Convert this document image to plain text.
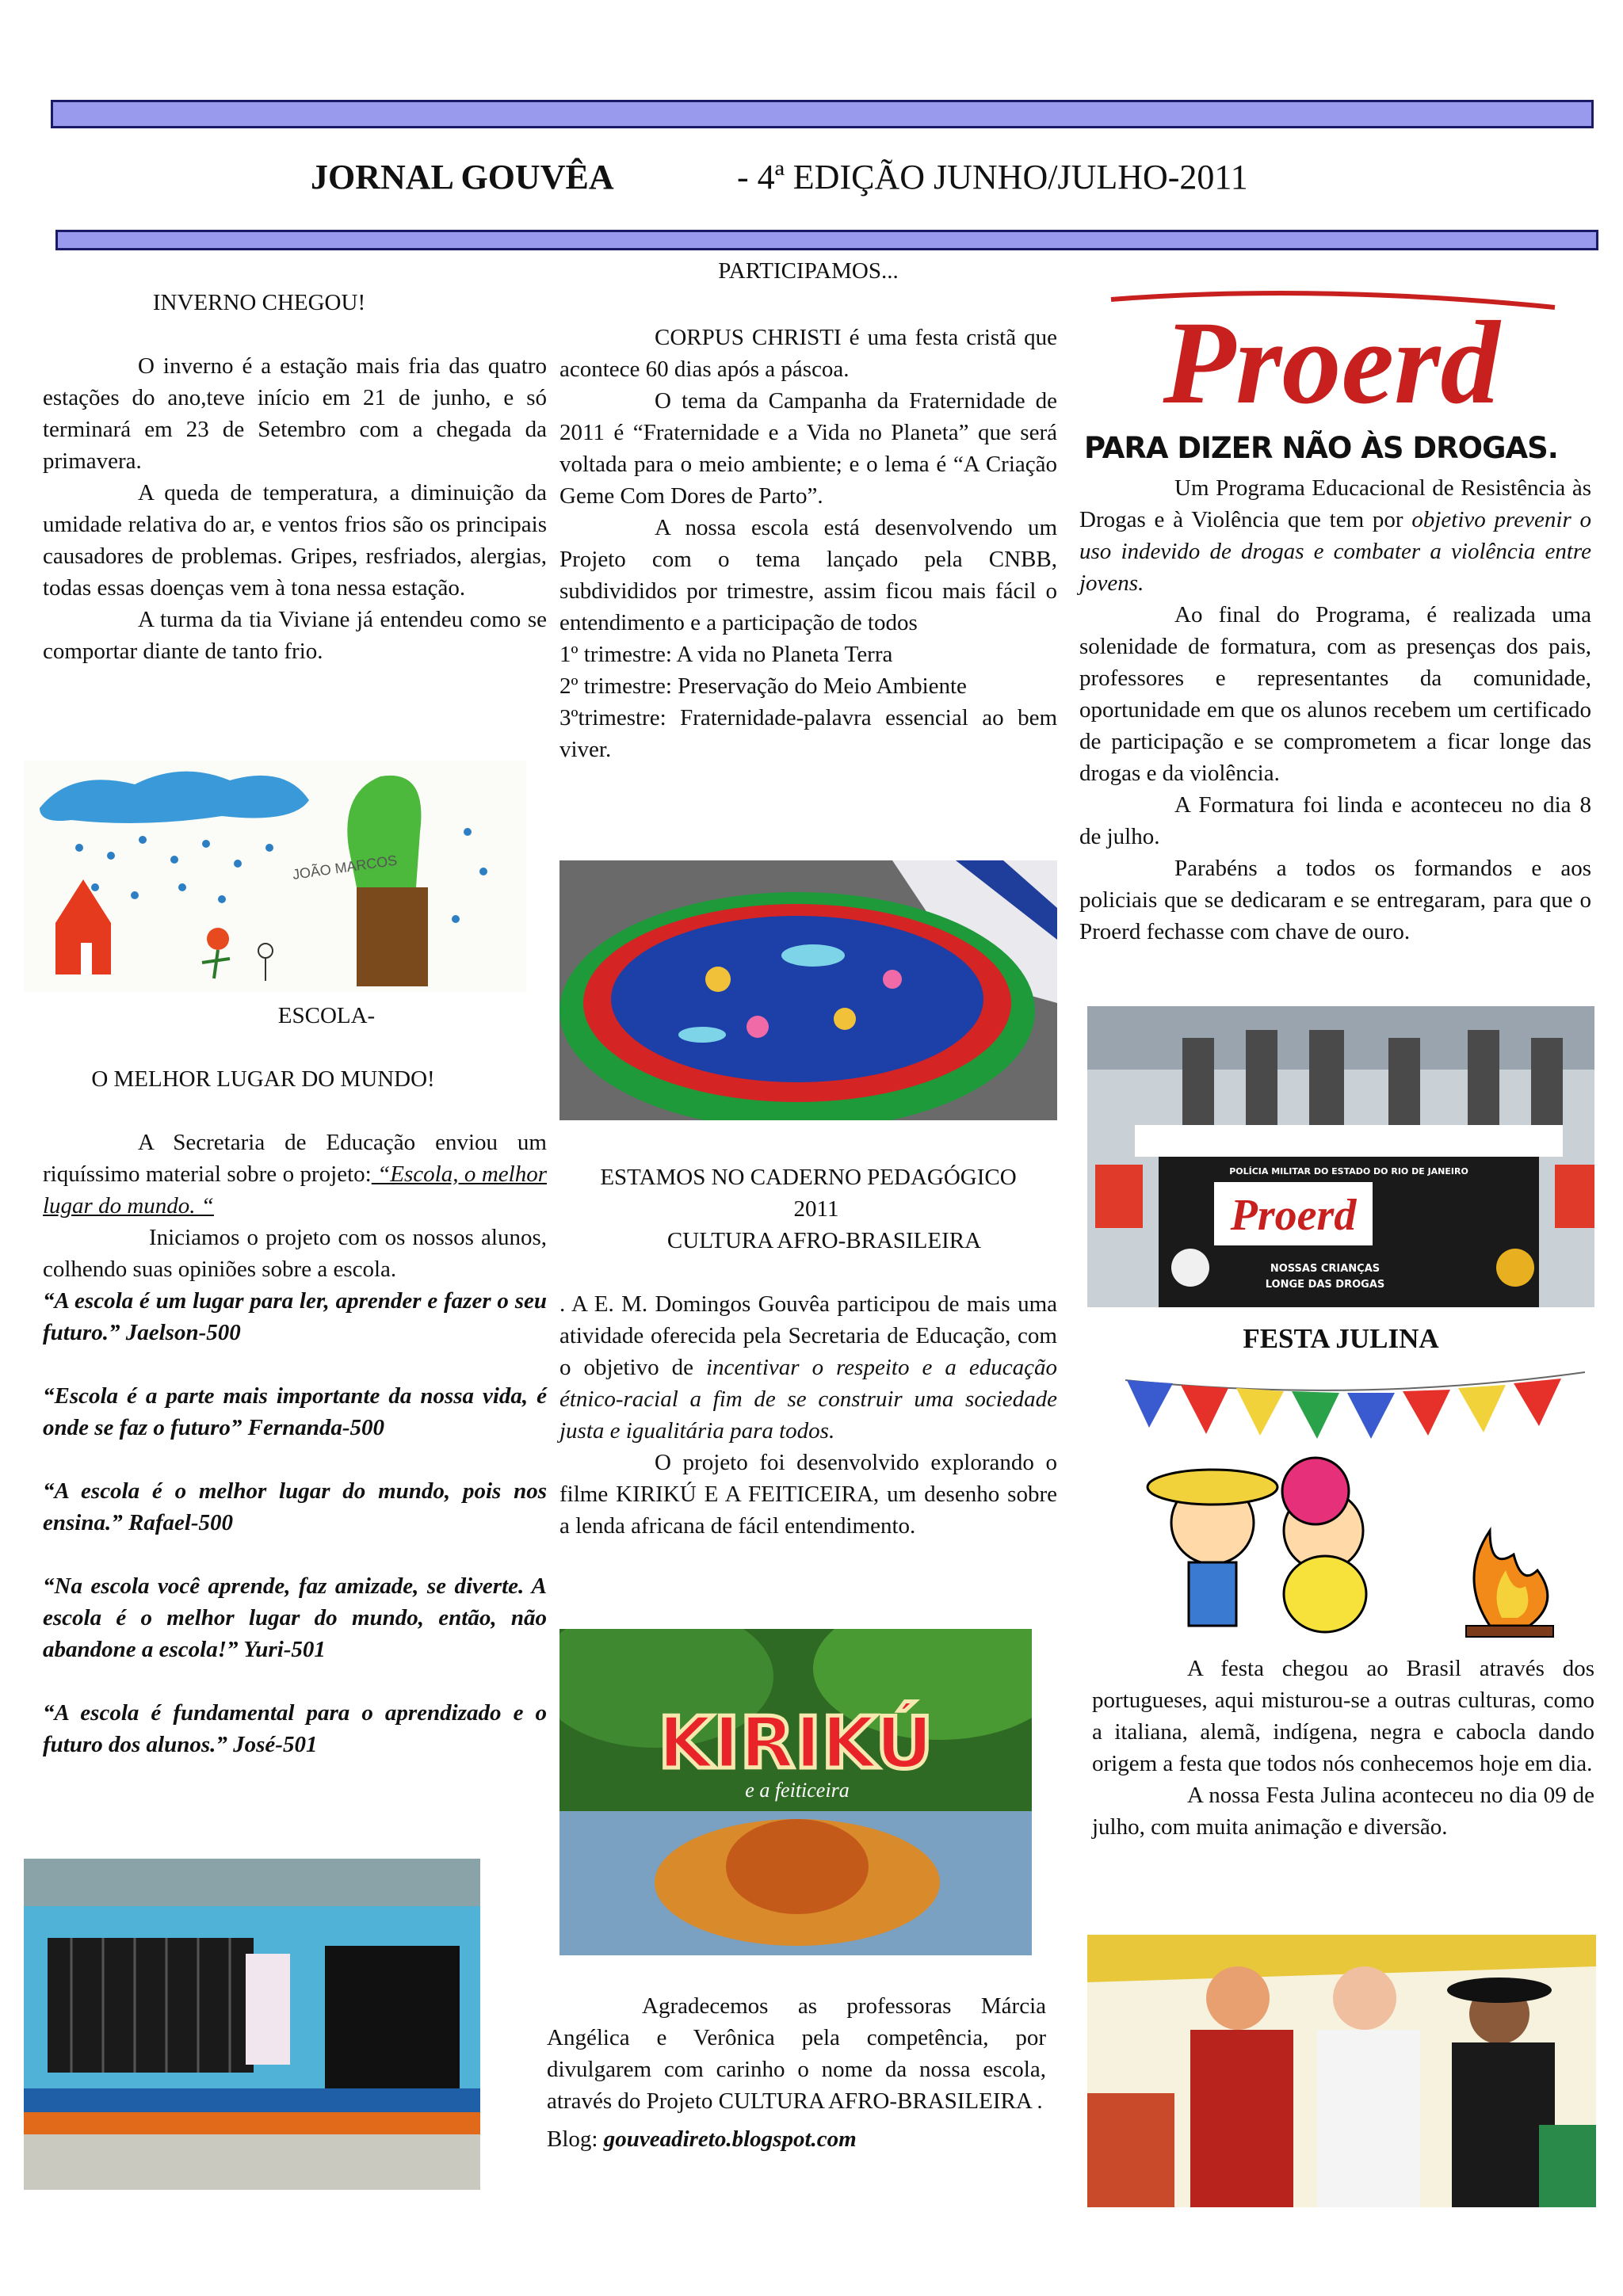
JORNAL GOUVÊA	- 4ª EDIÇÃO JUNHO/JULHO-2011

INVERNO CHEGOU!

O inverno é a estação mais fria das quatro estações do ano,teve início em 21 de junho, e só terminará em 23 de Setembro com a chegada da primavera.

A queda de temperatura, a diminuição da umidade relativa do ar, e ventos frios são os principais causadores de problemas. Gripes, resfriados, alergias, todas essas doenças vem à tona nessa estação.

A turma da tia Viviane já entendeu como se comportar diante de tanto frio.

JOÃO MARCOS

ESCOLA-

O MELHOR LUGAR DO MUNDO!

A Secretaria de Educação enviou um riquíssimo material sobre o projeto: “Escola, o melhor lugar do mundo. “

Iniciamos o projeto com os nossos alunos, colhendo suas opiniões sobre a escola.

“A escola é um lugar para ler, aprender e fazer o seu futuro.” Jaelson-500

“Escola é a parte mais importante da nossa vida, é onde se faz o futuro” Fernanda-500

“A escola é o melhor lugar do mundo, pois nos ensina.” Rafael-500

“Na escola você aprende, faz amizade, se diverte. A escola é o melhor lugar do mundo, então, não abandone a escola!” Yuri-501

“A escola é fundamental para o aprendizado e o futuro dos alunos.” José-501

PARTICIPAMOS...

CORPUS CHRISTI é uma festa cristã que acontece 60 dias após a páscoa.

O tema da Campanha da Fraternidade de 2011 é “Fraternidade e a Vida no Planeta” que será voltada para o meio ambiente; e o lema é “A Criação Geme Com Dores de Parto”.

A nossa escola está desenvolvendo um Projeto com o tema lançado pela CNBB, subdivididos por trimestre, assim ficou mais fácil o entendimento e a participação de todos

1º trimestre: A vida no Planeta Terra

2º trimestre: Preservação do Meio Ambiente

3ºtrimestre: Fraternidade-palavra essencial ao bem viver.

ESTAMOS NO CADERNO PEDAGÓGICO

2011

CULTURA AFRO-BRASILEIRA

. A E. M. Domingos Gouvêa participou de mais uma atividade oferecida pela Secretaria de Educação, com o objetivo de incentivar o respeito e a educação étnico-racial a fim de se construir uma sociedade justa e igualitária para todos.

O projeto foi desenvolvido explorando o filme KIRIKÚ E A FEITICEIRA, um desenho sobre a lenda africana de fácil entendimento.

KIRIKÚ
e a feiticeira

Agradecemos as professoras Márcia Angélica e Verônica pela competência, por divulgarem com carinho o nome da nossa escola, através do Projeto CULTURA AFRO-BRASILEIRA .

Blog: gouveadireto.blogspot.com

Proerd
PARA DIZER NÃO ÀS DROGAS.

Um Programa Educacional de Resistência às Drogas e à Violência que tem por objetivo prevenir o uso indevido de drogas e combater a violência entre jovens.

Ao final do Programa, é realizada uma solenidade de formatura, com as presenças dos pais, professores e representantes da comunidade, oportunidade em que os alunos recebem um certificado de participação e se comprometem a ficar longe das drogas e da violência.

A Formatura foi linda e aconteceu no dia 8 de julho.

Parabéns a todos os formandos e aos policiais que se dedicaram e se entregaram, para que o Proerd fechasse com chave de ouro.

POLÍCIA MILITAR DO ESTADO DO RIO DE JANEIRO
Proerd
NOSSAS CRIANÇAS
LONGE DAS DROGAS
FESTA JULINA

A festa chegou ao Brasil através dos portugueses, aqui misturou-se a outras culturas, como a italiana, alemã, indígena, negra e cabocla dando origem a festa que todos nós conhecemos hoje em dia.

A nossa Festa Julina aconteceu no dia 09 de julho, com muita animação e diversão.
